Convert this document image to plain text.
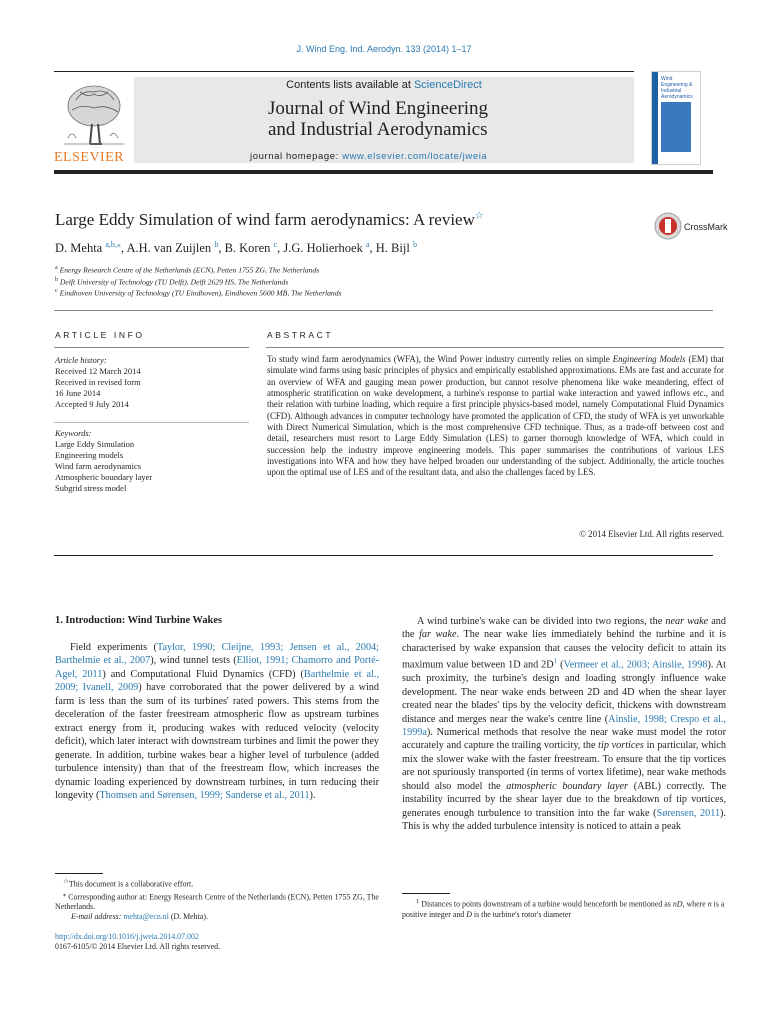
J. Wind Eng. Ind. Aerodyn. 133 (2014) 1–17
Contents lists available at ScienceDirect
Journal of Wind Engineering
and Industrial Aerodynamics
journal homepage: www.elsevier.com/locate/jweia
ELSEVIER
Wind Engineering & Industrial Aerodynamics
Large Eddy Simulation of wind farm aerodynamics: A review☆
CrossMark
D. Mehta $^{a,b,⁎}$, A.H. van Zuijlen $^b$, B. Koren $^c$, J.G. Holierhoek $^a$, H. Bijl $^b$
$^a$ Energy Research Centre of the Netherlands (ECN), Petten 1755 ZG, The Netherlands
$^b$ Delft University of Technology (TU Delft), Delft 2629 HS, The Netherlands
$^c$ Eindhoven University of Technology (TU Eindhoven), Eindhoven 5600 MB, The Netherlands
ARTICLE INFO
Article history:
Received 12 March 2014
Received in revised form
16 June 2014
Accepted 9 July 2014
Keywords:
Large Eddy Simulation
Engineering models
Wind farm aerodynamics
Atmospheric boundary layer
Subgrid stress model
ABSTRACT
To study wind farm aerodynamics (WFA), the Wind Power industry currently relies on simple Engineering Models (EM) that simulate wind farms using basic principles of physics and empirically established approximations. EMs are fast and accurate for an overview of WFA and gauging mean power production, but cannot resolve phenomena like wake meandering, effect of atmospheric stratification on wake development, a turbine's response to partial wake interaction and yawed inflows etc., and their relation with turbine loading, which require a first principle physics-based model, namely Computational Fluid Dynamics (CFD). Although advances in computer technology have promoted the application of CFD, the study of WFA is yet unworkable with Direct Numerical Simulation, which is the most comprehensive CFD technique. Thus, as a trade-off between cost and detail, researchers must resort to Large Eddy Simulation (LES) to garner thorough knowledge of WFA, which could in succession help the industry improve engineering models. This paper summarises the contributions of various LES investigations into WFA and how they have helped broaden our understanding of the subject. Additionally, the article touches upon the optimal use of LES and of the resultant data, and also the challenges faced by LES.
© 2014 Elsevier Ltd. All rights reserved.
1. Introduction: Wind Turbine Wakes

Field experiments (Taylor, 1990; Cleijne, 1993; Jensen et al., 2004; Barthelmie et al., 2007), wind tunnel tests (Elliot, 1991; Chamorro and Porté-Agel, 2011) and Computational Fluid Dynamics (CFD) (Barthelmie et al., 2009; Ivanell, 2009) have corroborated that the power delivered by a wind farm is less than the sum of its turbines' rated powers. This stems from the deceleration of the faster freestream atmospheric flow as upstream turbines extract energy from it, producing wakes with reduced velocity (velocity deficit), which later interact with downstream turbines and limit the power they generate. In addition, turbine wakes bear a higher level of turbulence (added turbulence intensity) than that of the freestream flow, which increases the dynamic loading experienced by downstream turbines, in turn reducing their longevity (Thomsen and Sørensen, 1999; Sanderse et al., 2011).

A wind turbine's wake can be divided into two regions, the near wake and the far wake. The near wake lies immediately behind the turbine and it is characterised by wake expansion that causes the velocity deficit to attain its maximum value between 1D and $2D^1$ (Vermeer et al., 2003; Ainslie, 1998). At such proximity, the turbine's design and loading strongly influence wake development. The near wake ends between 2D and 4D when the shear layer created near the blades' tips by the velocity deficit, thickens with downstream distance and merges near the wake's centre line (Ainslie, 1998; Crespo et al., 1999a). Numerical methods that resolve the near wake must model the rotor accurately and capture the trailing vorticity, the tip vortices in particular, which mix the slower wake with the faster freestream. To ensure that the tip vortices are not spuriously transported (in terms of vortex lifetime), near wake methods should also model the atmospheric boundary layer (ABL) correctly. The instability incurred by the shear layer due to the breakdown of tip vortices, generates enough turbulence to transition into the far wake (Sørensen, 2011). This is why the added turbulence intensity is noticed to attain a peak

☆This document is a collaborative effort.

⁎ Corresponding author at: Energy Research Centre of the Netherlands (ECN), Petten 1755 ZG, The Netherlands.

E-mail address: mehta@ecn.nl (D. Mehta).

http://dx.doi.org/10.1016/j.jweia.2014.07.002

0167-6105/© 2014 Elsevier Ltd. All rights reserved.

$^1$ Distances to points downstream of a turbine would henceforth be mentioned as nD, where n is a positive integer and D is the turbine's rotor's diameter
